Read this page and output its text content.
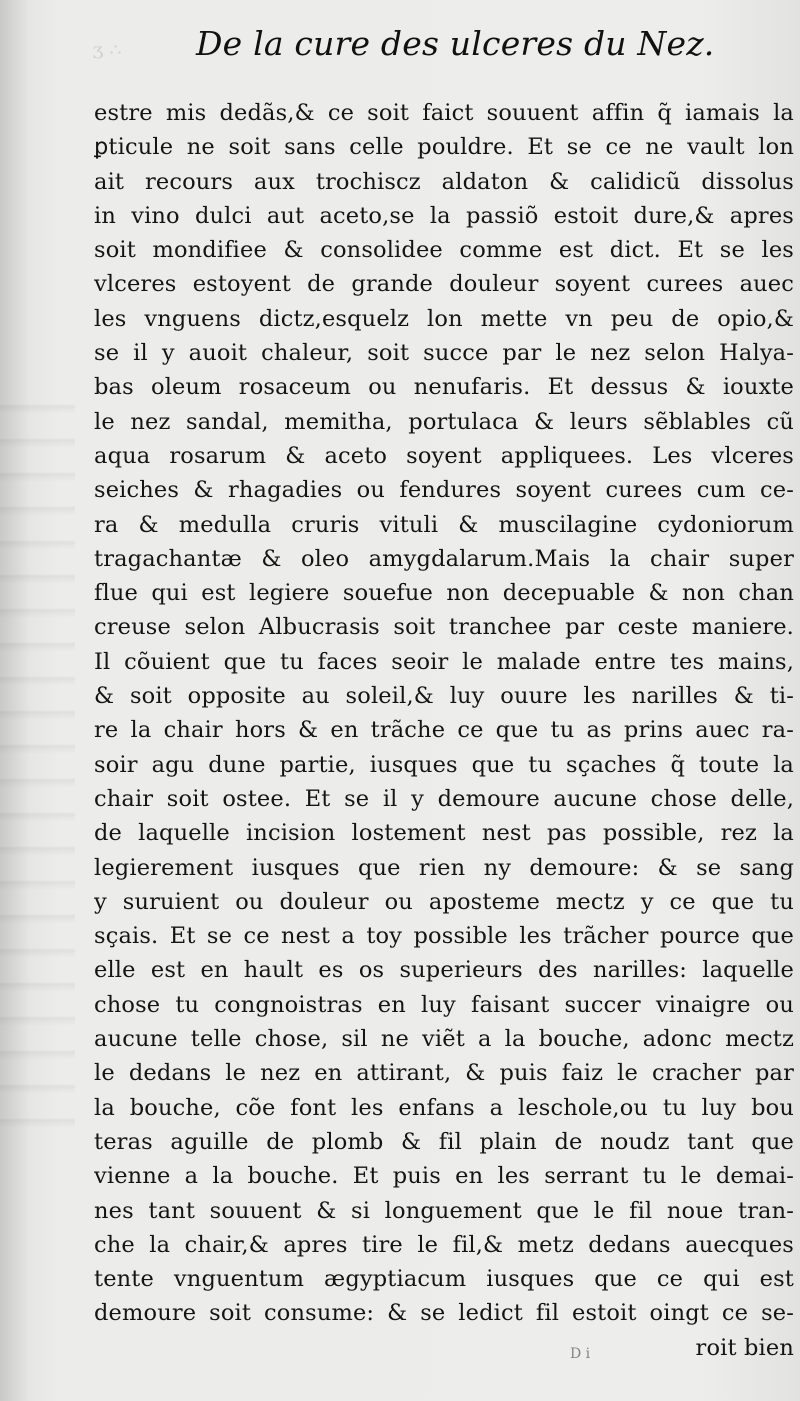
ʒ ∴ De la cure des ulceres du Nez.
estre mis dedãs,& ce soit faict souuent affin q̃ iamais la
ꝑticule ne soit sans celle pouldre. Et se ce ne vault lon
ait recours aux trochiscz aldaton & calidicũ dissolus
in vino dulci aut aceto,se la passiõ estoit dure,& apres
soit mondifiee & consolidee comme est dict. Et se les
vlceres estoyent de grande douleur soyent curees auec
les vnguens dictz,esquelz lon mette vn peu de opio,&
se il y auoit chaleur, soit succe par le nez selon Halya-
bas oleum rosaceum ou nenufaris. Et dessus & iouxte
le nez sandal, memitha, portulaca & leurs sẽblables cũ
aqua rosarum & aceto soyent appliquees. Les vlceres
seiches & rhagadies ou fendures soyent curees cum ce-
ra & medulla cruris vituli & muscilagine cydoniorum
tragachantæ & oleo amygdalarum.Mais la chair super
flue qui est legiere souefue non decepuable & non chan
creuse selon Albucrasis soit tranchee par ceste maniere.
Il cõuient que tu faces seoir le malade entre tes mains,
& soit opposite au soleil,& luy ouure les narilles & ti-
re la chair hors & en trãche ce que tu as prins auec ra-
soir agu dune partie, iusques que tu sçaches q̃ toute la
chair soit ostee. Et se il y demoure aucune chose delle,
de laquelle incision lostement nest pas possible, rez la
legierement iusques que rien ny demoure: & se sang
y suruient ou douleur ou aposteme mectz y ce que tu
sçais. Et se ce nest a toy possible les trãcher pource que
elle est en hault es os superieurs des narilles: laquelle
chose tu congnoistras en luy faisant succer vinaigre ou
aucune telle chose, sil ne viẽt a la bouche, adonc mectz
le dedans le nez en attirant, & puis faiz le cracher par
la bouche, cõe font les enfans a leschole,ou tu luy bou
teras aguille de plomb & fil plain de noudz tant que
vienne a la bouche. Et puis en les serrant tu le demai-
nes tant souuent & si longuement que le fil noue tran-
che la chair,& apres tire le fil,& metz dedans auecques
tente vnguentum ægyptiacum iusques que ce qui est
demoure soit consume: & se ledict fil estoit oingt ce se-
roit bien
D i
